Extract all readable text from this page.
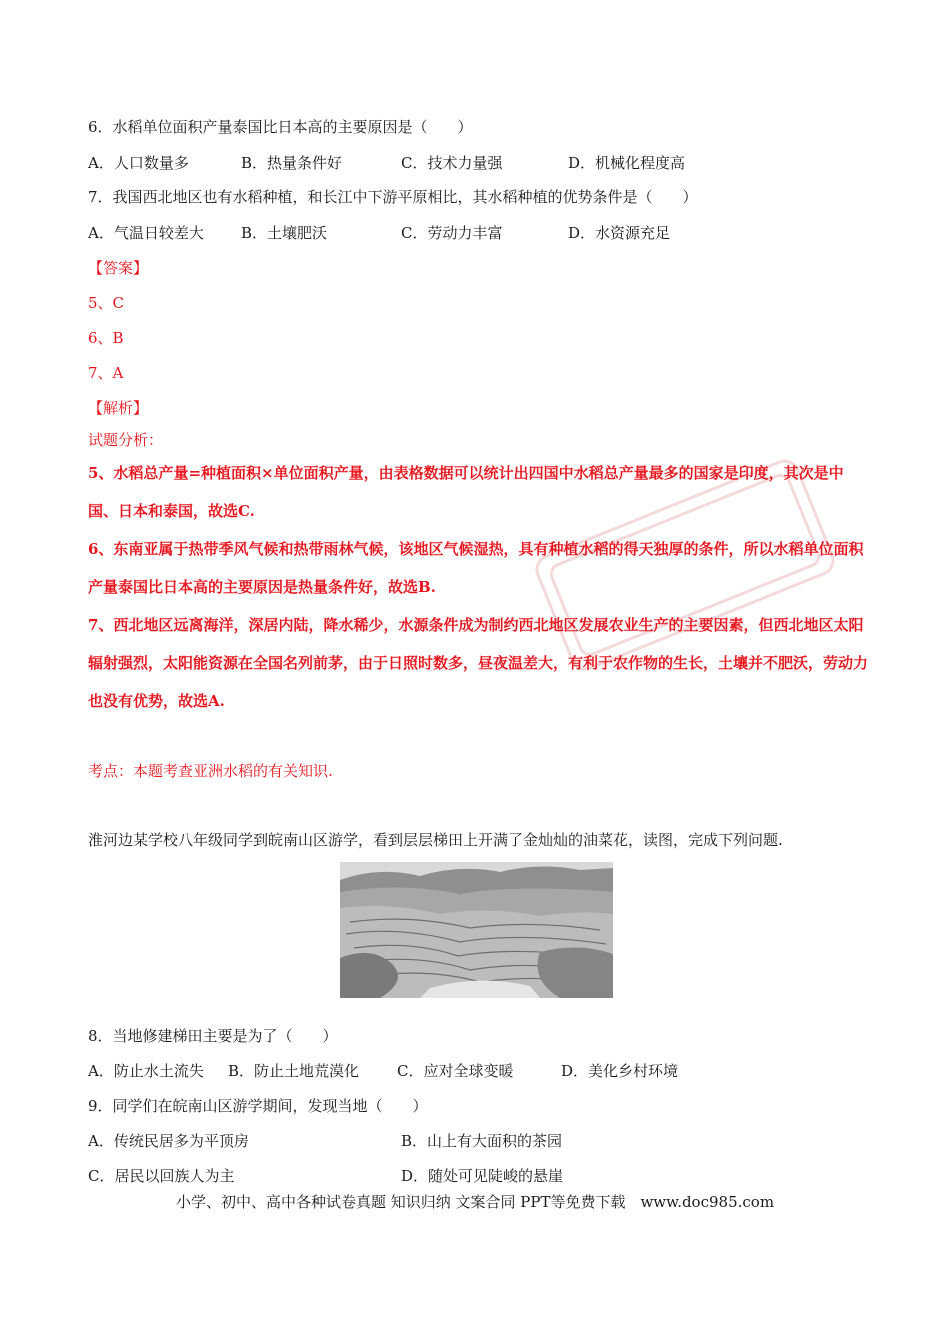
6．水稻单位面积产量泰国比日本高的主要原因是（　　）
A．人口数量多	B．热量条件好	C．技术力量强	D．机械化程度高
7．我国西北地区也有水稻种植，和长江中下游平原相比，其水稻种植的优势条件是（　　）
A．气温日较差大 B．土壤肥沃	C．劳动力丰富	D．水资源充足
【答案】
5、C
6、B
7、A
【解析】
试题分析：
5、水稻总产量=种植面积×单位面积产量，由表格数据可以统计出四国中水稻总产量最多的国家是印度，其次是中国、日本和泰国，故选C.
6、东南亚属于热带季风气候和热带雨林气候，该地区气候湿热，具有种植水稻的得天独厚的条件，所以水稻单位面积产量泰国比日本高的主要原因是热量条件好，故选B.
7、西北地区远离海洋，深居内陆，降水稀少，水源条件成为制约西北地区发展农业生产的主要因素，但西北地区太阳辐射强烈，太阳能资源在全国名列前茅，由于日照时数多，昼夜温差大，有利于农作物的生长，土壤并不肥沃，劳动力也没有优势，故选A.
考点：本题考查亚洲水稻的有关知识.
淮河边某学校八年级同学到皖南山区游学，看到层层梯田上开满了金灿灿的油菜花，读图，完成下列问题.
8．当地修建梯田主要是为了（　　）
A．防止水土流失 B．防止土地荒漠化	C．应对全球变暖	D．美化乡村环境
9．同学们在皖南山区游学期间，发现当地（　　）
A．传统民居多为平顶房	B．山上有大面积的茶园
C．居民以回族人为主	D．随处可见陡峻的悬崖
小学、初中、高中各种试卷真题 知识归纳 文案合同 PPT等免费下载　www.doc985.com
